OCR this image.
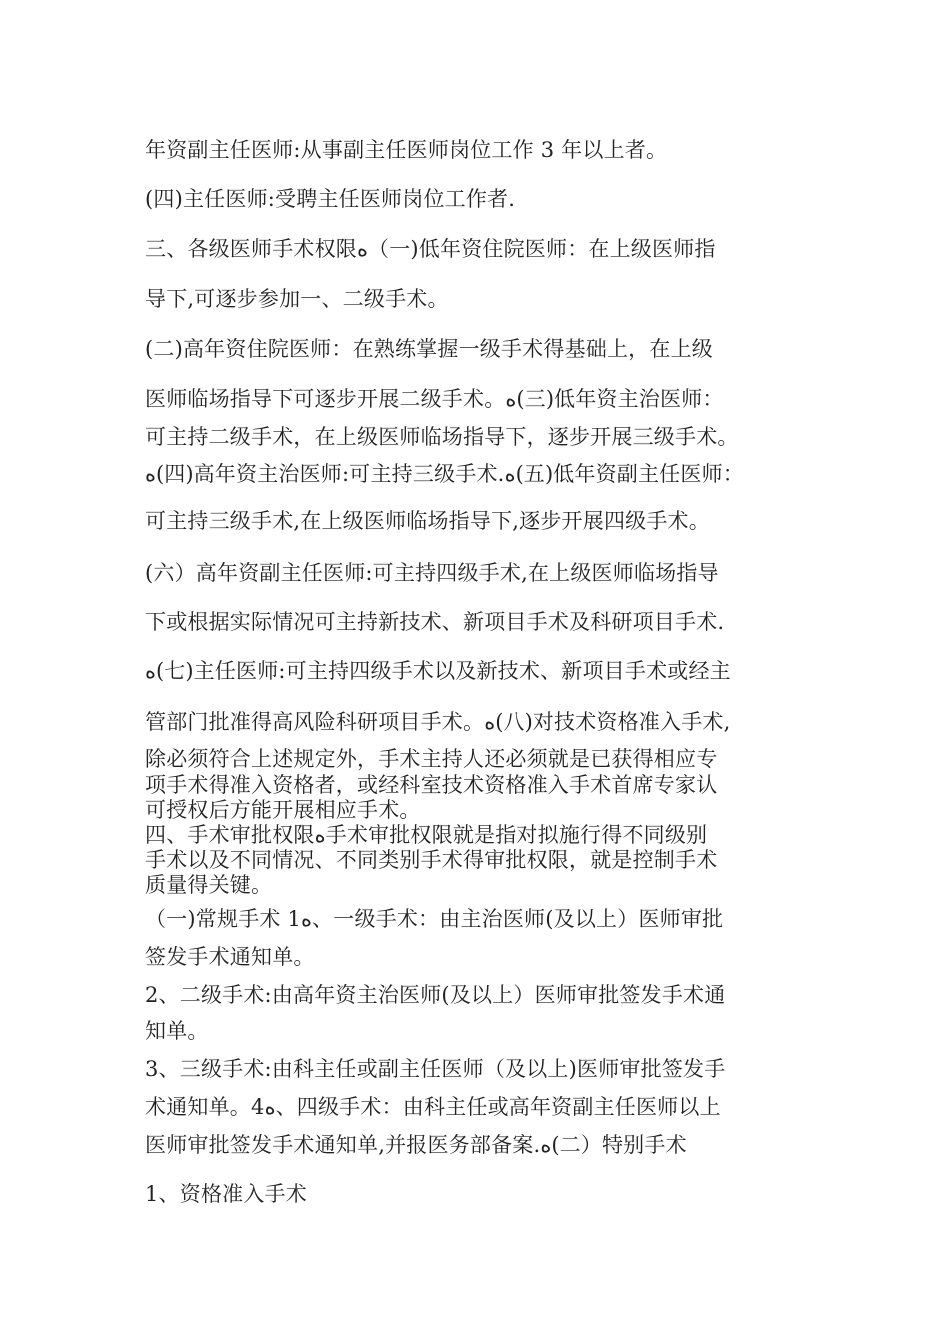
年资副主任医师:从事副主任医师岗位工作 3 年以上者。
(四)主任医师:受聘主任医师岗位工作者.
三、各级医师手术权限ﻩ（一)低年资住院医师：在上级医师指
导下,可逐步参加一、二级手术。
(二)高年资住院医师：在熟练掌握一级手术得基础上，在上级
医师临场指导下可逐步开展二级手术。ﻩ(三)低年资主治医师：
可主持二级手术，在上级医师临场指导下，逐步开展三级手术。
ﻩ(四)高年资主治医师:可主持三级手术.ﻩ(五)低年资副主任医师：
可主持三级手术,在上级医师临场指导下,逐步开展四级手术。
(六）高年资副主任医师:可主持四级手术,在上级医师临场指导
下或根据实际情况可主持新技术、新项目手术及科研项目手术.
ﻩ(七)主任医师:可主持四级手术以及新技术、新项目手术或经主
管部门批准得高风险科研项目手术。ﻩ(八)对技术资格准入手术,
除必须符合上述规定外，手术主持人还必须就是已获得相应专
项手术得准入资格者，或经科室技术资格准入手术首席专家认
可授权后方能开展相应手术。
四、手术审批权限ﻩ手术审批权限就是指对拟施行得不同级别
手术以及不同情况、不同类别手术得审批权限，就是控制手术
质量得关键。
（一)常规手术 1ﻩ、一级手术：由主治医师(及以上）医师审批
签发手术通知单。
2、二级手术:由高年资主治医师(及以上）医师审批签发手术通
知单。
3、三级手术:由科主任或副主任医师（及以上)医师审批签发手
术通知单。4ﻩ、四级手术：由科主任或高年资副主任医师以上
医师审批签发手术通知单,并报医务部备案.ﻩ(二）特别手术
1、资格准入手术
